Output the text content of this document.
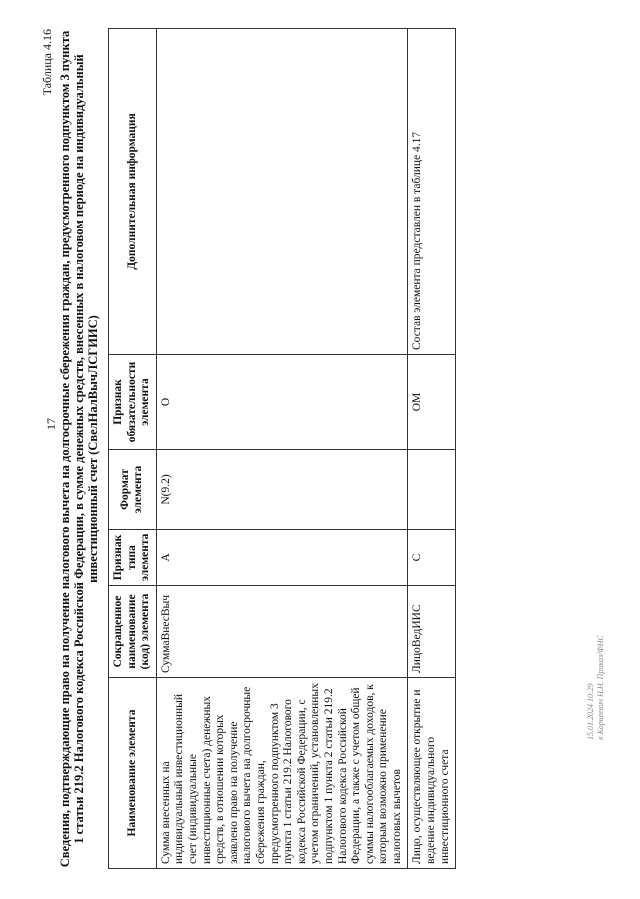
17
Таблица 4.16 Сведения, подтверждающие право на получение налогового вычета на долгосрочные сбережения граждан, предусмотренного подпунктом 3 пункта 1 статьи 219.2 Налогового кодекса Российской Федерации, в сумме денежных средств, внесенных в налоговом периоде на индивидуальный инвестиционный счет (СвелНалВычЛСГИИС)
Наименование элемента	Сокращенное наименование (код) элемента	Признак типа элемента	Формат элемента	Признак обязательности элемента	Дополнительная информация
Сумма внесенных на индивидуальный инвестиционный счет (индивидуальные инвестиционные счета) денежных средств, в отношении которых заявлено право на получение налогового вычета на долгосрочные сбережения граждан, предусмотренного подпунктом 3 пункта 1 статьи 219.2 Налогового кодекса Российской Федерации, с учетом ограничений, установленных подпунктом 1 пункта 2 статьи 219.2 Налогового кодекса Российской Федерации, а также с учетом общей суммы налогооблагаемых доходов, к которым возможно применение налоговых вычетов	СуммаВнесВыч	А	N(9.2)	О	
Лицо, осуществляющее открытие и ведение индивидуального инвестиционного счета	ЛицоВедИИС	С		ОМ	Состав элемента представлен в таблице 4.17
15.01.2024 10:29 к Корнеевич Н.Н. Приказ/ФНС
